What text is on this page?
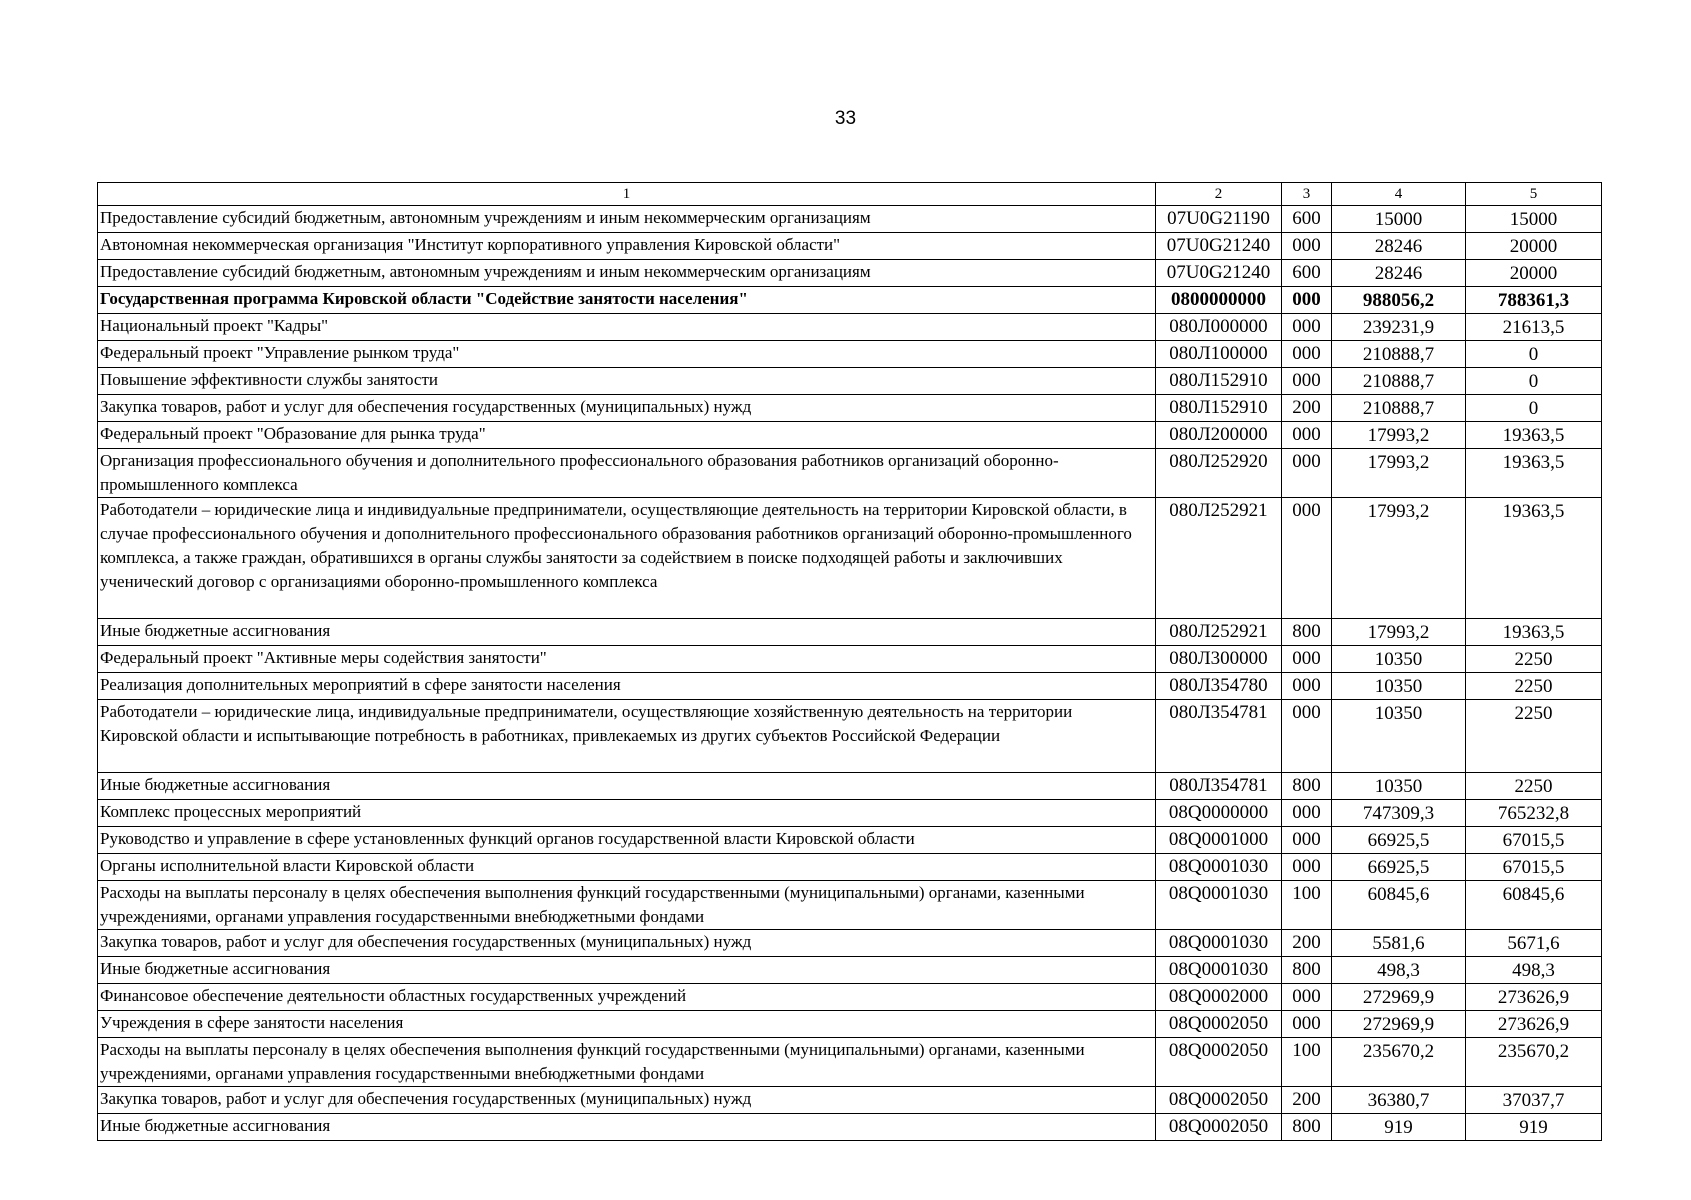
33
1	2	3	4	5
Предоставление субсидий бюджетным, автономным учреждениям и иным некоммерческим организациям	07U0G21190	600	15000	15000
Автономная некоммерческая организация "Институт корпоративного управления Кировской области"	07U0G21240	000	28246	20000
Предоставление субсидий бюджетным, автономным учреждениям и иным некоммерческим организациям	07U0G21240	600	28246	20000
Государственная программа Кировской области "Содействие занятости населения"	0800000000	000	988056,2	788361,3
Национальный проект "Кадры"	080Л000000	000	239231,9	21613,5
Федеральный проект "Управление рынком труда"	080Л100000	000	210888,7	0
Повышение эффективности службы занятости	080Л152910	000	210888,7	0
Закупка товаров, работ и услуг для обеспечения государственных (муниципальных) нужд	080Л152910	200	210888,7	0
Федеральный проект "Образование для рынка труда"	080Л200000	000	17993,2	19363,5
Организация профессионального обучения и дополнительного профессионального образования работников организаций оборонно-промышленного комплекса	080Л252920	000	17993,2	19363,5
Работодатели – юридические лица и индивидуальные предприниматели, осуществляющие деятельность на территории Кировской области, в случае профессионального обучения и дополнительного профессионального образования работников организаций оборонно-промышленного комплекса, а также граждан, обратившихся в органы службы занятости за содействием в поиске подходящей работы и заключивших ученический договор с организациями оборонно-промышленного комплекса	080Л252921	000	17993,2	19363,5
Иные бюджетные ассигнования	080Л252921	800	17993,2	19363,5
Федеральный проект "Активные меры содействия занятости"	080Л300000	000	10350	2250
Реализация дополнительных мероприятий в сфере занятости населения	080Л354780	000	10350	2250
Работодатели – юридические лица, индивидуальные предприниматели, осуществляющие хозяйственную деятельность на территории Кировской области и испытывающие потребность в работниках, привлекаемых из других субъектов Российской Федерации	080Л354781	000	10350	2250
Иные бюджетные ассигнования	080Л354781	800	10350	2250
Комплекс процессных мероприятий	08Q0000000	000	747309,3	765232,8
Руководство и управление в сфере установленных функций органов государственной власти Кировской области	08Q0001000	000	66925,5	67015,5
Органы исполнительной власти Кировской области	08Q0001030	000	66925,5	67015,5
Расходы на выплаты персоналу в целях обеспечения выполнения функций государственными (муниципальными) органами, казенными учреждениями, органами управления государственными внебюджетными фондами	08Q0001030	100	60845,6	60845,6
Закупка товаров, работ и услуг для обеспечения государственных (муниципальных) нужд	08Q0001030	200	5581,6	5671,6
Иные бюджетные ассигнования	08Q0001030	800	498,3	498,3
Финансовое обеспечение деятельности областных государственных учреждений	08Q0002000	000	272969,9	273626,9
Учреждения в сфере занятости населения	08Q0002050	000	272969,9	273626,9
Расходы на выплаты персоналу в целях обеспечения выполнения функций государственными (муниципальными) органами, казенными учреждениями, органами управления государственными внебюджетными фондами	08Q0002050	100	235670,2	235670,2
Закупка товаров, работ и услуг для обеспечения государственных (муниципальных) нужд	08Q0002050	200	36380,7	37037,7
Иные бюджетные ассигнования	08Q0002050	800	919	919
